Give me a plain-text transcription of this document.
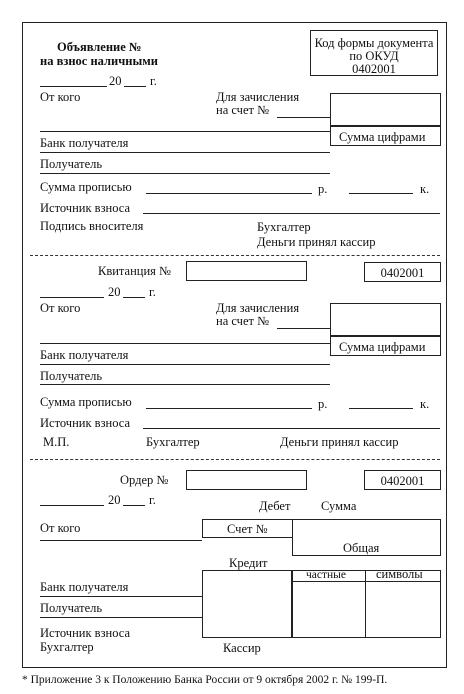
Код формы документа
по ОКУД
0402001
Объявление №
на взнос наличными
20 г.
От кого	Для зачисления
на счет №
Сумма цифрами
Банк получателя
Получатель
Сумма прописью	р.	к.
Источник взноса
Подпись вносителя	Бухгалтер
Деньги принял кассир
Квитанция №	0402001
20 г.
От кого	Для зачисления
на счет №
Сумма цифрами
Банк получателя
Получатель
Сумма прописью	р.	к.
Источник взноса
М.П.	Бухгалтер	Деньги принял кассир
Ордер №	0402001
20 г.	Дебет Сумма
От кого	Счет №
Общая
Кредит
частные символы
Банк получателя
Получатель
Источник взноса
Бухгалтер	Кассир
* Приложение 3 к Положению Банка России от 9 октября 2002 г. № 199-П.
